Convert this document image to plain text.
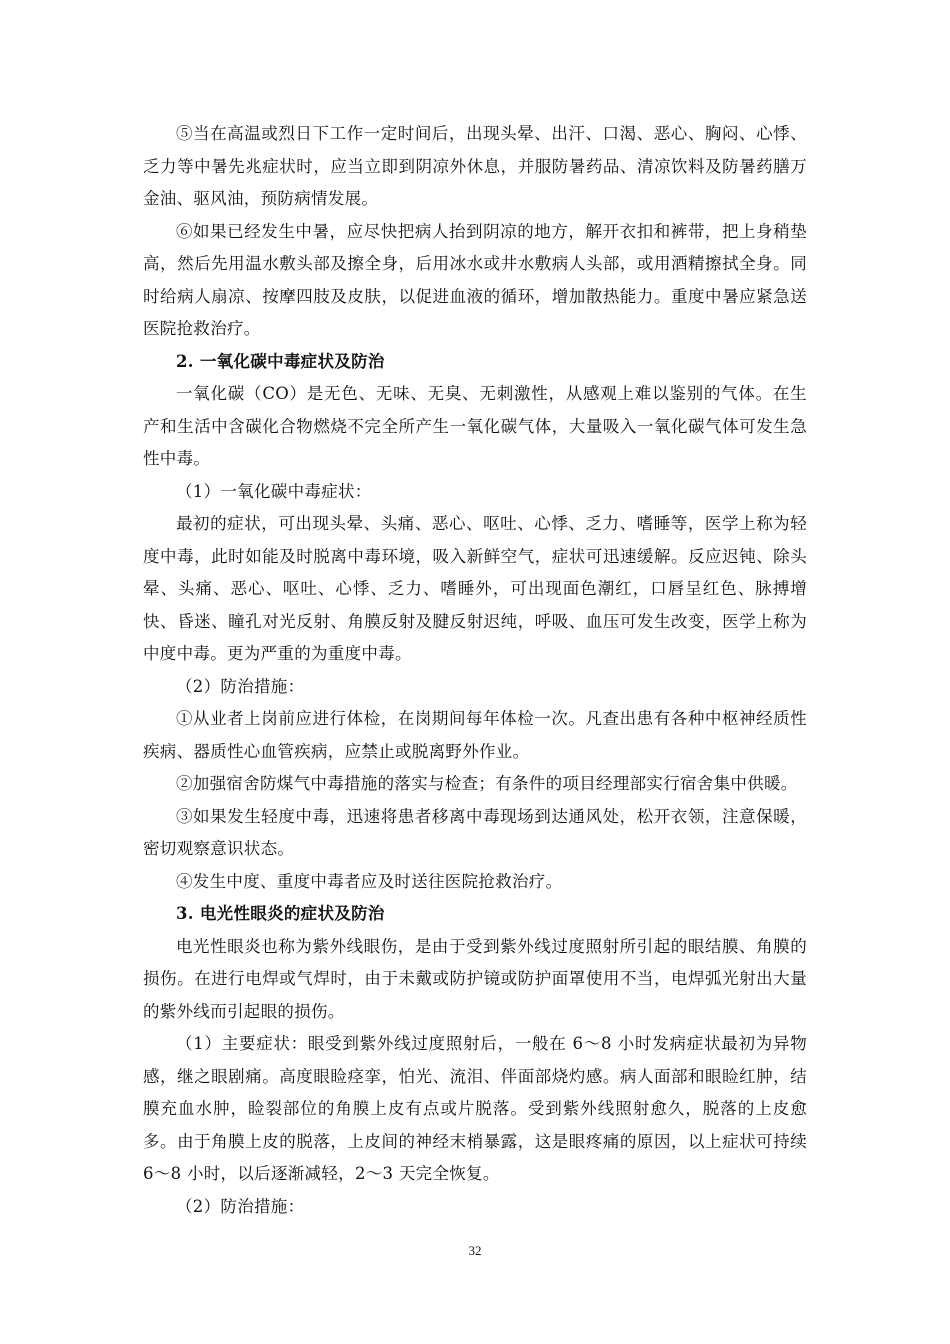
⑤当在高温或烈日下工作一定时间后，出现头晕、出汗、口渴、恶心、胸闷、心悸、乏力等中暑先兆症状时，应当立即到阴凉外休息，并服防暑药品、清凉饮料及防暑药膳万金油、驱风油，预防病情发展。

⑥如果已经发生中暑，应尽快把病人抬到阴凉的地方，解开衣扣和裤带，把上身稍垫高，然后先用温水敷头部及擦全身，后用冰水或井水敷病人头部，或用酒精擦拭全身。同时给病人扇凉、按摩四肢及皮肤，以促进血液的循环，增加散热能力。重度中暑应紧急送医院抢救治疗。

2. 一氧化碳中毒症状及防治

一氧化碳（CO）是无色、无味、无臭、无刺激性，从感观上难以鉴别的气体。在生产和生活中含碳化合物燃烧不完全所产生一氧化碳气体，大量吸入一氧化碳气体可发生急性中毒。

（1）一氧化碳中毒症状：

最初的症状，可出现头晕、头痛、恶心、呕吐、心悸、乏力、嗜睡等，医学上称为轻度中毒，此时如能及时脱离中毒环境，吸入新鲜空气，症状可迅速缓解。反应迟钝、除头晕、头痛、恶心、呕吐、心悸、乏力、嗜睡外，可出现面色潮红，口唇呈红色、脉搏增快、昏迷、瞳孔对光反射、角膜反射及腱反射迟纯，呼吸、血压可发生改变，医学上称为中度中毒。更为严重的为重度中毒。

（2）防治措施：

①从业者上岗前应进行体检，在岗期间每年体检一次。凡查出患有各种中枢神经质性疾病、器质性心血管疾病，应禁止或脱离野外作业。

②加强宿舍防煤气中毒措施的落实与检查；有条件的项目经理部实行宿舍集中供暖。

③如果发生轻度中毒，迅速将患者移离中毒现场到达通风处，松开衣领，注意保暖，密切观察意识状态。

④发生中度、重度中毒者应及时送往医院抢救治疗。

3. 电光性眼炎的症状及防治

电光性眼炎也称为紫外线眼伤，是由于受到紫外线过度照射所引起的眼结膜、角膜的损伤。在进行电焊或气焊时，由于未戴或防护镜或防护面罩使用不当，电焊弧光射出大量的紫外线而引起眼的损伤。

（1）主要症状：眼受到紫外线过度照射后，一般在 6～8 小时发病症状最初为异物感，继之眼剧痛。高度眼睑痉挛，怕光、流泪、伴面部烧灼感。病人面部和眼睑红肿，结膜充血水肿，睑裂部位的角膜上皮有点或片脱落。受到紫外线照射愈久，脱落的上皮愈多。由于角膜上皮的脱落，上皮间的神经末梢暴露，这是眼疼痛的原因，以上症状可持续 6～8 小时，以后逐渐减轻，2～3 天完全恢复。

（2）防治措施：

32
